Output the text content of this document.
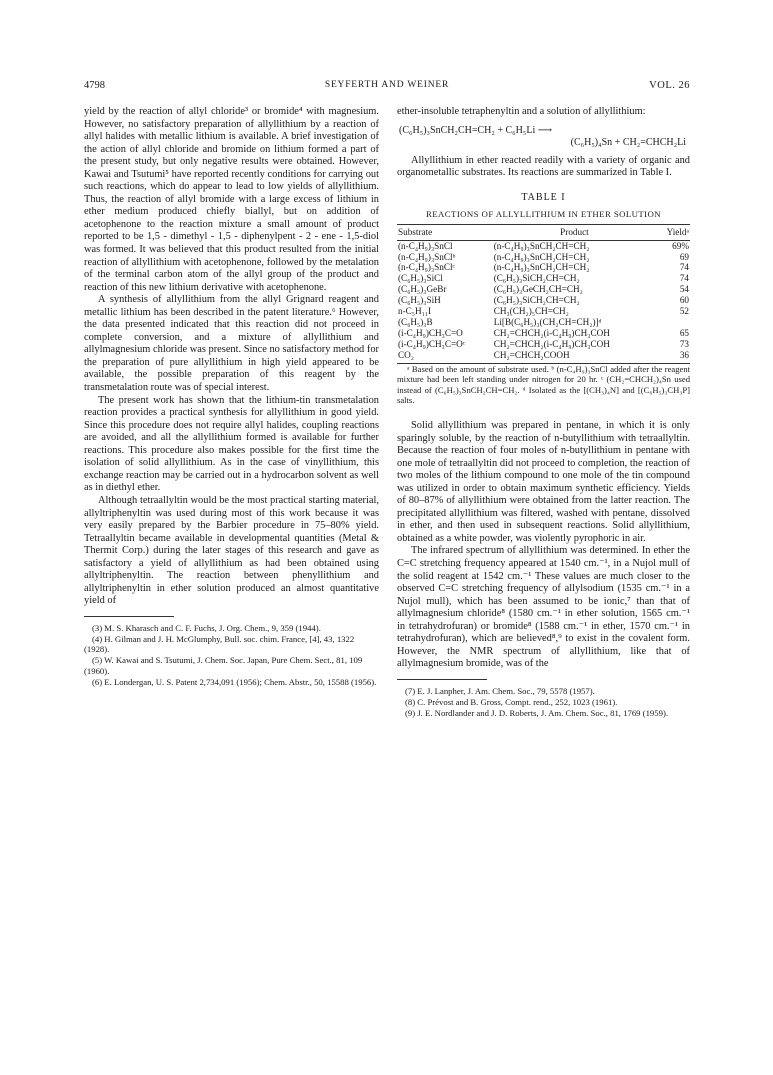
4798	SEYFERTH AND WEINER	VOL. 26

yield by the reaction of allyl chloride³ or bromide⁴ with magnesium. However, no satisfactory preparation of allyllithium by a reaction of allyl halides with metallic lithium is available. A brief investigation of the action of allyl chloride and bromide on lithium formed a part of the present study, but only negative results were obtained. However, Kawai and Tsutumi⁵ have reported recently conditions for carrying out such reactions, which do appear to lead to low yields of allyllithium. Thus, the reaction of allyl bromide with a large excess of lithium in ether medium produced chiefly biallyl, but on addition of acetophenone to the reaction mixture a small amount of product reported to be 1,5 - dimethyl - 1,5 - diphenylpent - 2 - ene - 1,5-diol was formed. It was believed that this product resulted from the initial reaction of allyllithium with acetophenone, followed by the metalation of the terminal carbon atom of the allyl group of the product and reaction of this new lithium derivative with acetophenone.

A synthesis of allyllithium from the allyl Grignard reagent and metallic lithium has been described in the patent literature.⁶ However, the data presented indicated that this reaction did not proceed in complete conversion, and a mixture of allyllithium and allylmagnesium chloride was present. Since no satisfactory method for the preparation of pure allyllithium in high yield appeared to be available, the possible preparation of this reagent by the transmetalation route was of special interest.

The present work has shown that the lithium-tin transmetalation reaction provides a practical synthesis for allyllithium in good yield. Since this procedure does not require allyl halides, coupling reactions are avoided, and all the allyllithium formed is available for further reactions. This procedure also makes possible for the first time the isolation of solid allyllithium. As in the case of vinyllithium, this exchange reaction may be carried out in a hydrocarbon solvent as well as in diethyl ether.

Although tetraallyltin would be the most practical starting material, allyltriphenyltin was used during most of this work because it was very easily prepared by the Barbier procedure in 75–80% yield. Tetraallyltin became available in developmental quantities (Metal & Thermit Corp.) during the later stages of this research and gave as satisfactory a yield of allyllithium as had been obtained using allyltriphenyltin. The reaction between phenyllithium and allyltriphenyltin in ether solution produced an almost quantitative yield of

(3) M. S. Kharasch and C. F. Fuchs, J. Org. Chem., 9, 359 (1944).

(4) H. Gilman and J. H. McGlumphy, Bull. soc. chim. France, [4], 43, 1322 (1928).

(5) W. Kawai and S. Tsutumi, J. Chem. Soc. Japan, Pure Chem. Sect., 81, 109 (1960).

(6) E. Londergan, U. S. Patent 2,734,091 (1956); Chem. Abstr., 50, 15588 (1956).

ether-insoluble tetraphenyltin and a solution of allyllithium:

(C₆H₅)₃SnCH₂CH=CH₂ + C₆H₅Li ⟶
(C₆H₅)₄Sn + CH₂=CHCH₂Li

Allyllithium in ether reacted readily with a variety of organic and organometallic substrates. Its reactions are summarized in Table I.

TABLE I
REACTIONS OF ALLYLLITHIUM IN ETHER SOLUTION
Substrate	Product	Yieldᵃ
(n-C₄H₉)₃SnCl	(n-C₄H₉)₃SnCH₂CH=CH₂	69%
(n-C₄H₉)₃SnClᵇ	(n-C₄H₉)₃SnCH₂CH=CH₂	69
(n-C₄H₉)₃SnClᶜ	(n-C₄H₉)₃SnCH₂CH=CH₂	74
(C₆H₅)₃SiCl	(C₆H₅)₃SiCH₂CH=CH₂	74
(C₆H₅)₃GeBr	(C₆H₅)₃GeCH₂CH=CH₂	54
(C₆H₅)₃SiH	(C₆H₅)₃SiCH₂CH=CH₂	60
n-C₅H₁₁I	CH₃(CH₂)₅CH=CH₂	52
(C₆H₅)₃B	Li[B(C₆H₅)₃(CH₂CH=CH₂)]ᵈ	
(i-C₄H₉)CH₃C=O	CH₂=CHCH₂(i-C₄H₉)CH₃COH	65
(i-C₄H₉)CH₃C=Oᶜ	CH₂=CHCH₂(i-C₄H₉)CH₃COH	73
CO₂	CH₂=CHCH₂COOH	36

ᵃ Based on the amount of substrate used. ᵇ (n-C₄H₉)₃SnCl added after the reagent mixture had been left standing under nitrogen for 20 hr. ᶜ (CH₂=CHCH₂)₄Sn used instead of (C₆H₅)₃SnCH₂CH=CH₂. ᵈ Isolated as the [(CH₃)₄N] and [(C₆H₅)₃CH₃P] salts.

Solid allyllithium was prepared in pentane, in which it is only sparingly soluble, by the reaction of n-butyllithium with tetraallyltin. Because the reaction of four moles of n-butyllithium in pentane with one mole of tetraallyltin did not proceed to completion, the reaction of two moles of the lithium compound to one mole of the tin compound was utilized in order to obtain maximum synthetic efficiency. Yields of 80–87% of allyllithium were obtained from the latter reaction. The precipitated allyllithium was filtered, washed with pentane, dissolved in ether, and then used in subsequent reactions. Solid allyllithium, obtained as a white powder, was violently pyrophoric in air.

The infrared spectrum of allyllithium was determined. In ether the C=C stretching frequency appeared at 1540 cm.⁻¹, in a Nujol mull of the solid reagent at 1542 cm.⁻¹ These values are much closer to the observed C=C stretching frequency of allylsodium (1535 cm.⁻¹ in a Nujol mull), which has been assumed to be ionic,⁷ than that of allylmagnesium chloride⁸ (1580 cm.⁻¹ in ether solution, 1565 cm.⁻¹ in tetrahydrofuran) or bromide⁸ (1588 cm.⁻¹ in ether, 1570 cm.⁻¹ in tetrahydrofuran), which are believed⁸,⁹ to exist in the covalent form. However, the NMR spectrum of allyllithium, like that of allylmagnesium bromide, was of the

(7) E. J. Lanpher, J. Am. Chem. Soc., 79, 5578 (1957).

(8) C. Prévost and B. Gross, Compt. rend., 252, 1023 (1961).

(9) J. E. Nordlander and J. D. Roberts, J. Am. Chem. Soc., 81, 1769 (1959).
